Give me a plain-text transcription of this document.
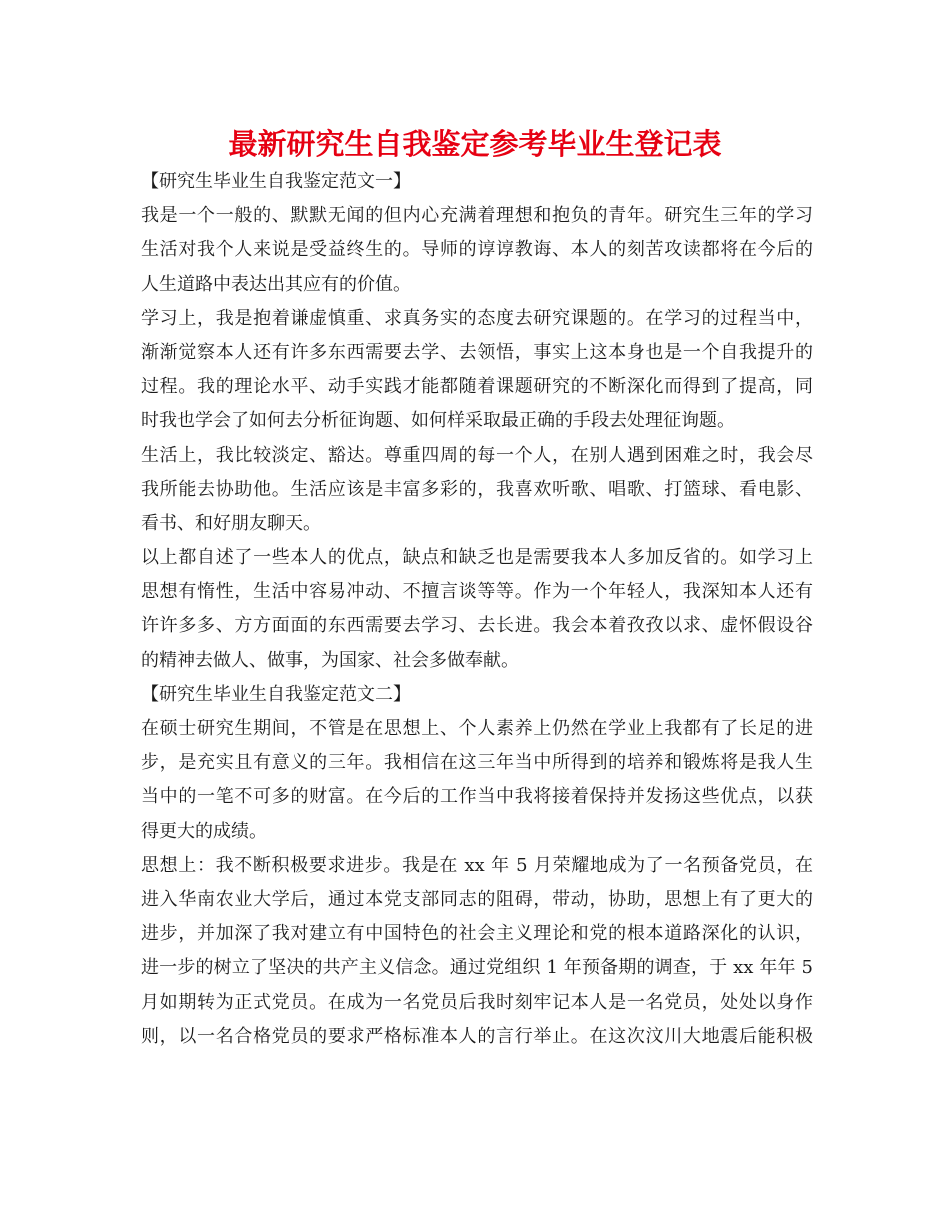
最新研究生自我鉴定参考毕业生登记表
【研究生毕业生自我鉴定范文一】
我是一个一般的、默默无闻的但内心充满着理想和抱负的青年。研究生三年的学习
生活对我个人来说是受益终生的。导师的谆谆教诲、本人的刻苦攻读都将在今后的
人生道路中表达出其应有的价值。
学习上，我是抱着谦虚慎重、求真务实的态度去研究课题的。在学习的过程当中，
渐渐觉察本人还有许多东西需要去学、去领悟，事实上这本身也是一个自我提升的
过程。我的理论水平、动手实践才能都随着课题研究的不断深化而得到了提高，同
时我也学会了如何去分析征询题、如何样采取最正确的手段去处理征询题。
生活上，我比较淡定、豁达。尊重四周的每一个人，在别人遇到困难之时，我会尽
我所能去协助他。生活应该是丰富多彩的，我喜欢听歌、唱歌、打篮球、看电影、
看书、和好朋友聊天。
以上都自述了一些本人的优点，缺点和缺乏也是需要我本人多加反省的。如学习上
思想有惰性，生活中容易冲动、不擅言谈等等。作为一个年轻人，我深知本人还有
许许多多、方方面面的东西需要去学习、去长进。我会本着孜孜以求、虚怀假设谷
的精神去做人、做事，为国家、社会多做奉献。
【研究生毕业生自我鉴定范文二】
在硕士研究生期间，不管是在思想上、个人素养上仍然在学业上我都有了长足的进
步，是充实且有意义的三年。我相信在这三年当中所得到的培养和锻炼将是我人生
当中的一笔不可多的财富。在今后的工作当中我将接着保持并发扬这些优点，以获
得更大的成绩。
思想上：我不断积极要求进步。我是在 xx 年 5 月荣耀地成为了一名预备党员，在
进入华南农业大学后，通过本党支部同志的阻碍，带动，协助，思想上有了更大的
进步，并加深了我对建立有中国特色的社会主义理论和党的根本道路深化的认识，
进一步的树立了坚决的共产主义信念。通过党组织 1 年预备期的调查，于 xx 年年 5
月如期转为正式党员。在成为一名党员后我时刻牢记本人是一名党员，处处以身作
则，以一名合格党员的要求严格标准本人的言行举止。在这次汶川大地震后能积极
